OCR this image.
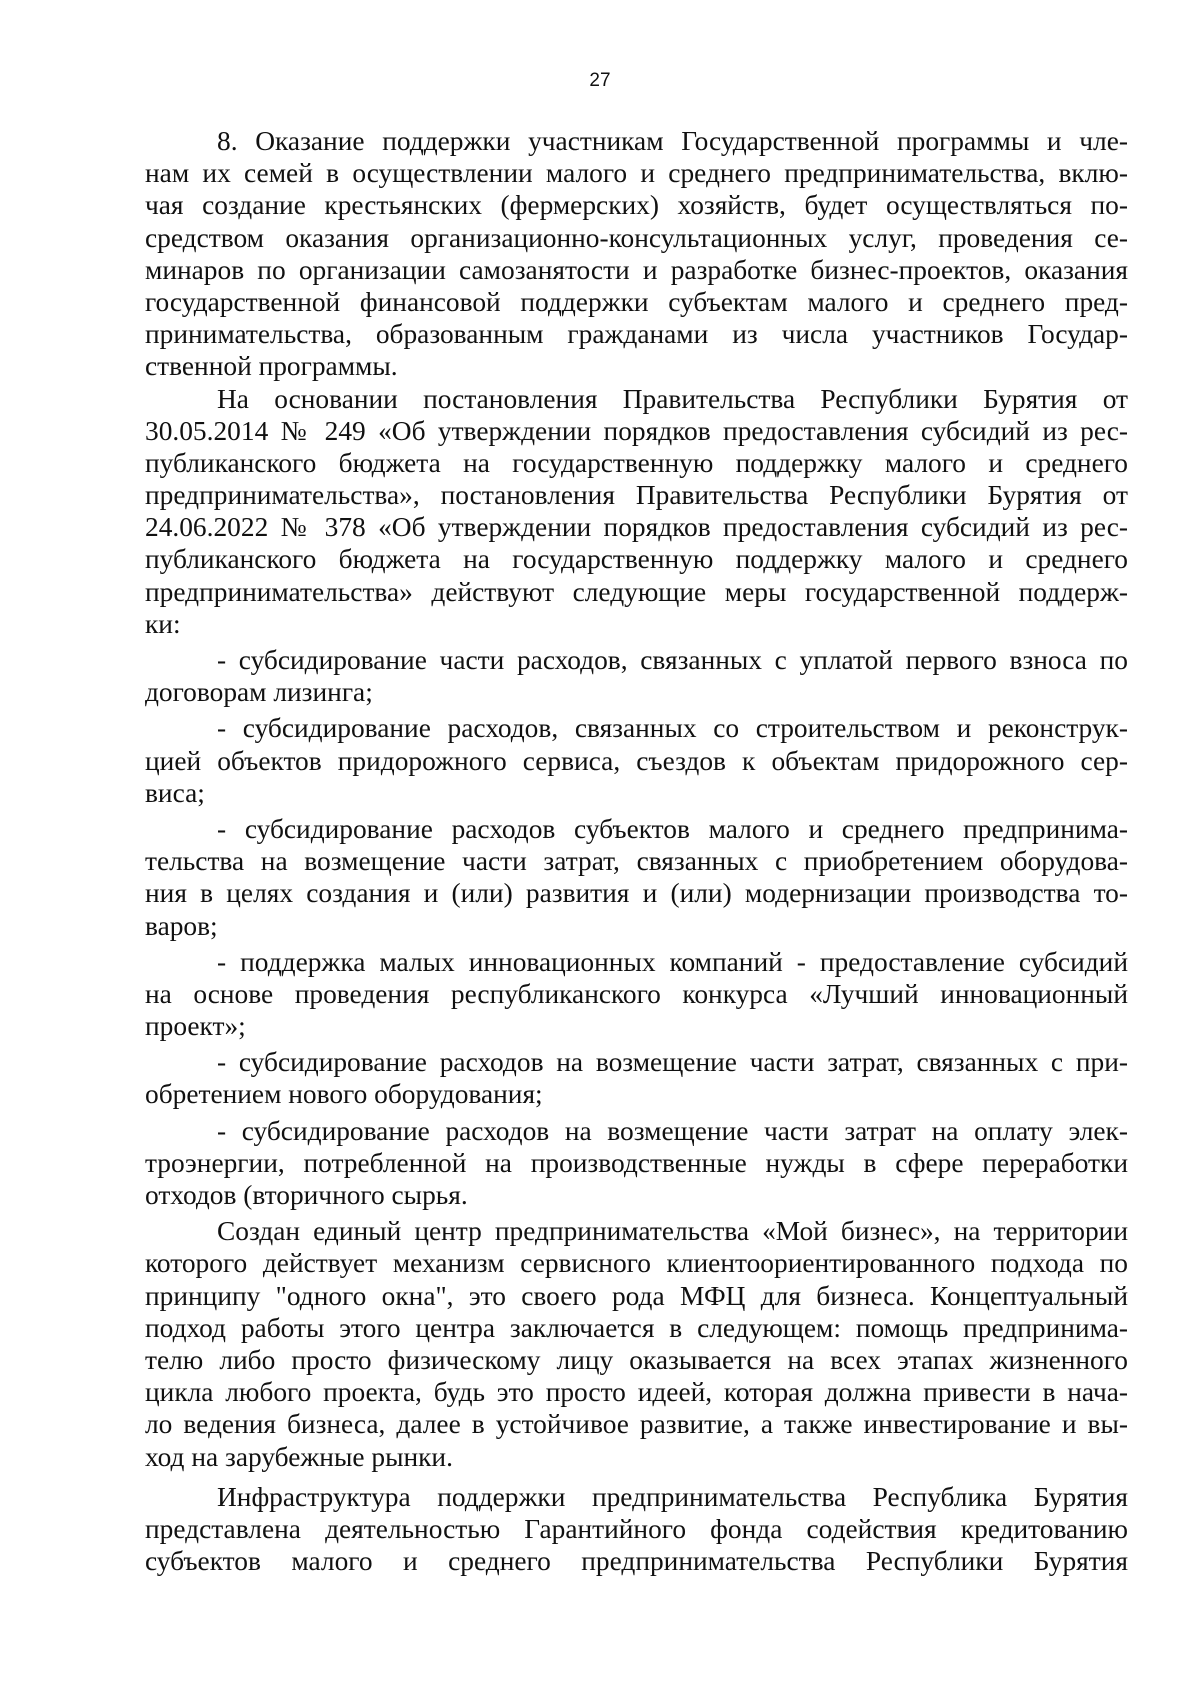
27
8. Оказание поддержки участникам Государственной программы и чле-
нам их семей в осуществлении малого и среднего предпринимательства, вклю-
чая создание крестьянских (фермерских) хозяйств, будет осуществляться по-
средством оказания организационно-консультационных услуг, проведения се-
минаров по организации самозанятости и разработке бизнес-проектов, оказания
государственной финансовой поддержки субъектам малого и среднего пред-
принимательства, образованным гражданами из числа участников Государ-
ственной программы.
На основании постановления Правительства Республики Бурятия от
30.05.2014 № 249 «Об утверждении порядков предоставления субсидий из рес-
публиканского бюджета на государственную поддержку малого и среднего
предпринимательства», постановления Правительства Республики Бурятия от
24.06.2022 № 378 «Об утверждении порядков предоставления субсидий из рес-
публиканского бюджета на государственную поддержку малого и среднего
предпринимательства» действуют следующие меры государственной поддерж-
ки:
- субсидирование части расходов, связанных с уплатой первого взноса по
договорам лизинга;
- субсидирование расходов, связанных со строительством и реконструк-
цией объектов придорожного сервиса, съездов к объектам придорожного сер-
виса;
- субсидирование расходов субъектов малого и среднего предпринима-
тельства на возмещение части затрат, связанных с приобретением оборудова-
ния в целях создания и (или) развития и (или) модернизации производства то-
варов;
- поддержка малых инновационных компаний - предоставление субсидий
на основе проведения республиканского конкурса «Лучший инновационный
проект»;
- субсидирование расходов на возмещение части затрат, связанных с при-
обретением нового оборудования;
- субсидирование расходов на возмещение части затрат на оплату элек-
троэнергии, потребленной на производственные нужды в сфере переработки
отходов (вторичного сырья.
Создан единый центр предпринимательства «Мой бизнес», на территории
которого действует механизм сервисного клиентоориентированного подхода по
принципу "одного окна", это своего рода МФЦ для бизнеса. Концептуальный
подход работы этого центра заключается в следующем: помощь предпринима-
телю либо просто физическому лицу оказывается на всех этапах жизненного
цикла любого проекта, будь это просто идеей, которая должна привести в нача-
ло ведения бизнеса, далее в устойчивое развитие, а также инвестирование и вы-
ход на зарубежные рынки.
Инфраструктура поддержки предпринимательства Республика Бурятия
представлена деятельностью Гарантийного фонда содействия кредитованию
субъектов малого и среднего предпринимательства Республики Бурятия
